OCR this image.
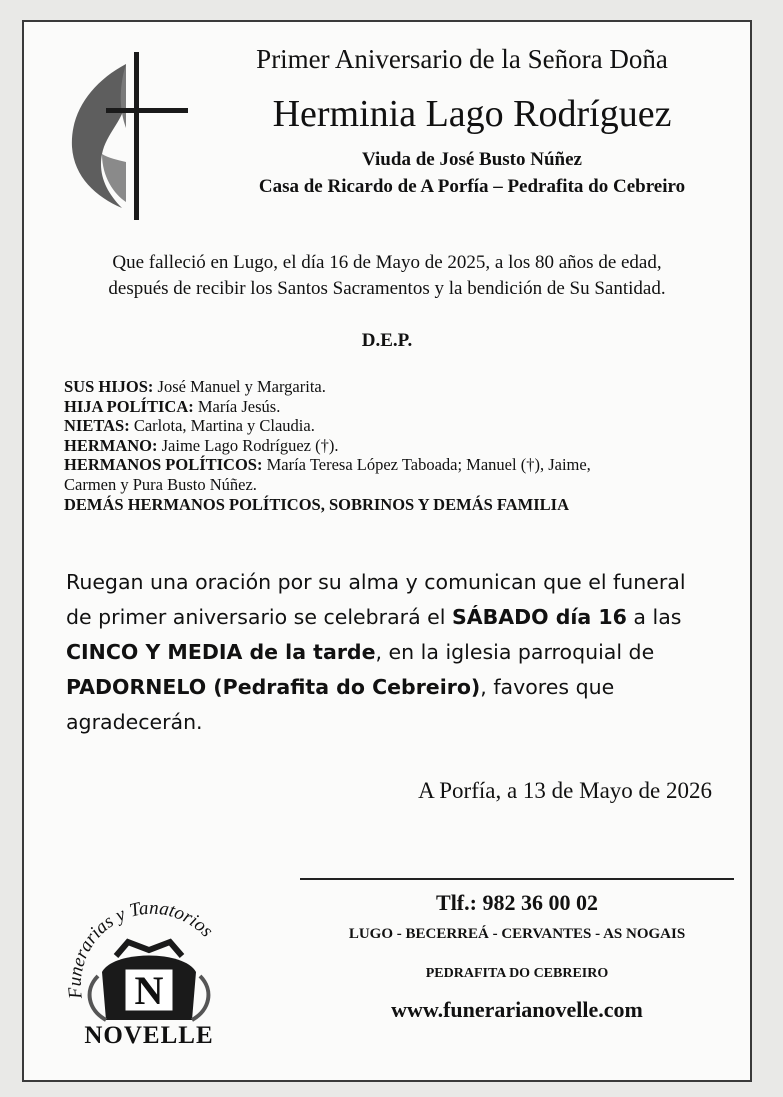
Primer Aniversario de la Señora Doña
Herminia Lago Rodríguez
Viuda de José Busto Núñez
Casa de Ricardo de A Porfía – Pedrafita do Cebreiro
Que falleció en Lugo, el día 16 de Mayo de 2025, a los 80 años de edad,
después de recibir los Santos Sacramentos y la bendición de Su Santidad.
D.E.P.
SUS HIJOS: José Manuel y Margarita.
HIJA POLÍTICA: María Jesús.
NIETAS: Carlota, Martina y Claudia.
HERMANO: Jaime Lago Rodríguez (†).
HERMANOS POLÍTICOS: María Teresa López Taboada; Manuel (†), Jaime,
Carmen y Pura Busto Núñez.
DEMÁS HERMANOS POLÍTICOS, SOBRINOS Y DEMÁS FAMILIA
Ruegan una oración por su alma y comunican que el funeral de primer aniversario se celebrará el SÁBADO día 16 a las CINCO Y MEDIA de la tarde, en la iglesia parroquial de PADORNELO (Pedrafita do Cebreiro), favores que agradecerán.
A Porfía, a 13 de Mayo de 2026
Tlf.: 982 36 00 02
LUGO - BECERREÁ - CERVANTES - AS NOGAIS
PEDRAFITA DO CEBREIRO
www.funerarianovelle.com
Funerarias y Tanatorios
N
NOVELLE
